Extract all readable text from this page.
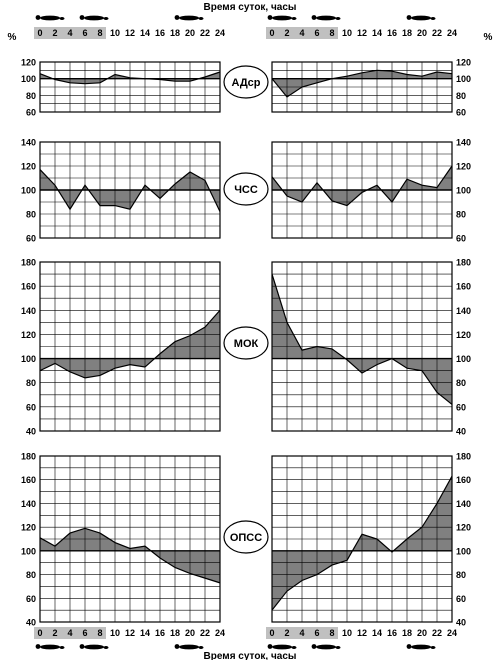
Время суток, часы
Время суток, часы
%	%
0 2 4 6 8 10 12 14 16 18 20 22 24	0 2 4 6 8 10 12 14 16 18 20 22 24
0 2 4 6 8 10 12 14 16 18 20 22 24	0 2 4 6 8 10 12 14 16 18 20 22 24
60
80
100
120
60
80
100
120
60
80
100
120
140
60
80
100
120
140
40
60
80
100
120
140
160
180
40
60
80
100
120
140
160
180
40
60
80
100
120
140
160
180
40
60
80
100
120
140
160
180
АДср
ЧСС
МОК
ОПСС
